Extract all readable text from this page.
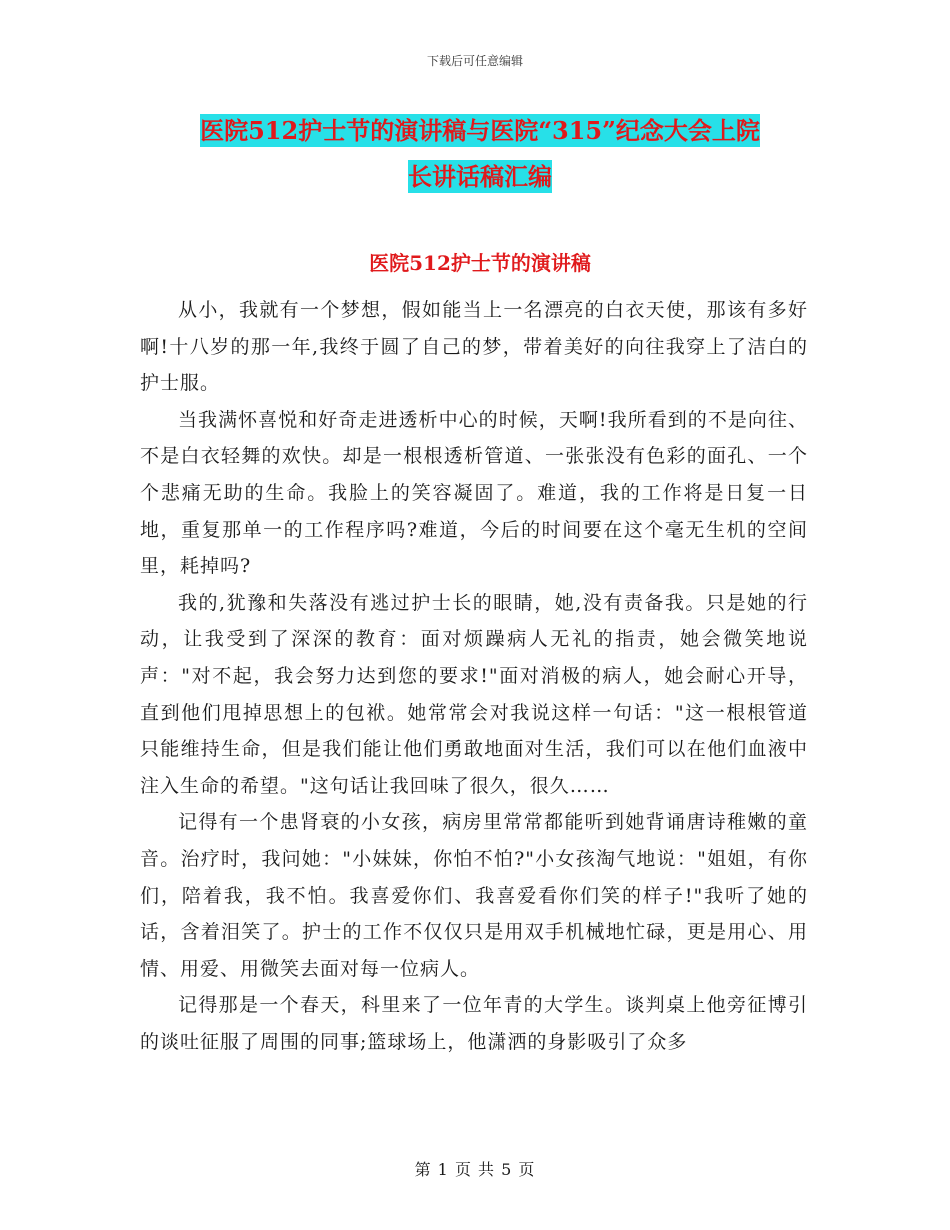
下载后可任意编辑
医院512护士节的演讲稿与医院“315”纪念大会上院
长讲话稿汇编
医院512护士节的演讲稿

从小，我就有一个梦想，假如能当上一名漂亮的白衣天使，那该有多好啊!十八岁的那一年,我终于圆了自己的梦，带着美好的向往我穿上了洁白的护士服。

当我满怀喜悦和好奇走进透析中心的时候，天啊!我所看到的不是向往、不是白衣轻舞的欢快。却是一根根透析管道、一张张没有色彩的面孔、一个个悲痛无助的生命。我脸上的笑容凝固了。难道，我的工作将是日复一日地，重复那单一的工作程序吗?难道，今后的时间要在这个毫无生机的空间里，耗掉吗?

我的,犹豫和失落没有逃过护士长的眼睛，她,没有责备我。只是她的行动，让我受到了深深的教育：面对烦躁病人无礼的指责，她会微笑地说声："对不起，我会努力达到您的要求!"面对消极的病人，她会耐心开导，直到他们甩掉思想上的包袱。她常常会对我说这样一句话："这一根根管道只能维持生命，但是我们能让他们勇敢地面对生活，我们可以在他们血液中注入生命的希望。"这句话让我回味了很久，很久……

记得有一个患肾衰的小女孩，病房里常常都能听到她背诵唐诗稚嫩的童音。治疗时，我问她："小妹妹，你怕不怕?"小女孩淘气地说："姐姐，有你们，陪着我，我不怕。我喜爱你们、我喜爱看你们笑的样子!"我听了她的话，含着泪笑了。护士的工作不仅仅只是用双手机械地忙碌，更是用心、用情、用爱、用微笑去面对每一位病人。

记得那是一个春天，科里来了一位年青的大学生。谈判桌上他旁征博引的谈吐征服了周围的同事;篮球场上，他潇洒的身影吸引了众多

第 1 页 共 5 页
